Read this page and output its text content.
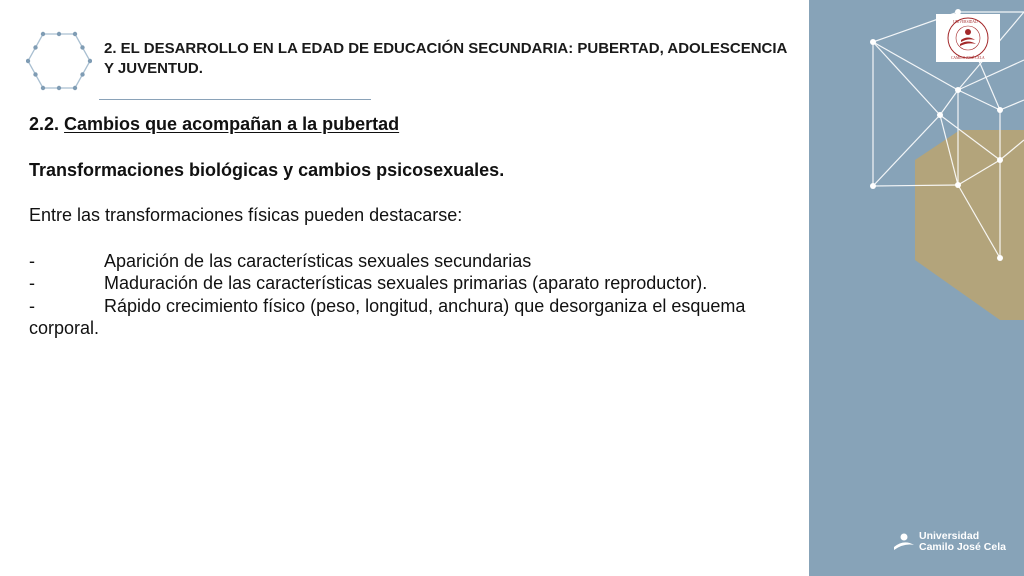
2. EL DESARROLLO EN LA EDAD DE EDUCACIÓN SECUNDARIA: PUBERTAD, ADOLESCENCIA Y JUVENTUD.

2.2. Cambios que acompañan a la pubertad

Transformaciones biológicas y cambios psicosexuales.

Entre las transformaciones físicas pueden destacarse:

-	Aparición de las características sexuales secundarias
-	Maduración de las características sexuales primarias (aparato reproductor).
-	Rápido crecimiento físico (peso, longitud, anchura) que desorganiza el esquema corporal.
UNIVERSIDAD
CAMILO JOSÉ CELA
Universidad
Camilo José Cela
